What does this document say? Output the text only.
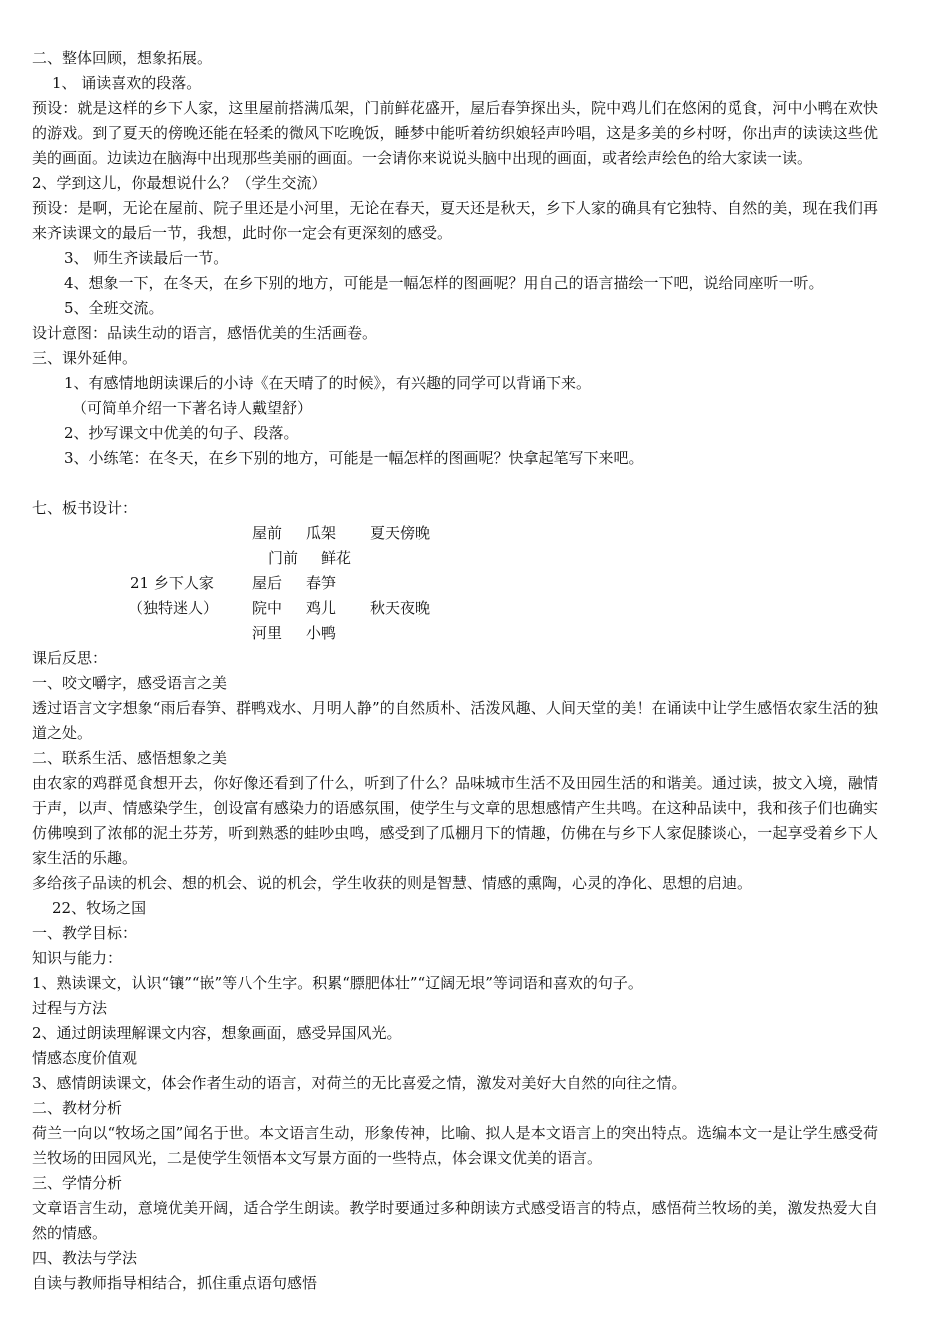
二、整体回顾，想象拓展。

1、 诵读喜欢的段落。

预设：就是这样的乡下人家，这里屋前搭满瓜架，门前鲜花盛开，屋后春笋探出头，院中鸡儿们在悠闲的觅食，河中小鸭在欢快的游戏。到了夏天的傍晚还能在轻柔的微风下吃晚饭，睡梦中能听着纺织娘轻声吟唱，这是多美的乡村呀，你出声的读读这些优美的画面。边读边在脑海中出现那些美丽的画面。一会请你来说说头脑中出现的画面，或者绘声绘色的给大家读一读。

2、学到这儿，你最想说什么？（学生交流）

预设：是啊，无论在屋前、院子里还是小河里，无论在春天，夏天还是秋天，乡下人家的确具有它独特、自然的美，现在我们再来齐读课文的最后一节，我想，此时你一定会有更深刻的感受。

3、 师生齐读最后一节。

4、想象一下，在冬天，在乡下别的地方，可能是一幅怎样的图画呢？用自己的语言描绘一下吧，说给同座听一听。

5、全班交流。

设计意图：品读生动的语言，感悟优美的生活画卷。

三、课外延伸。

1、有感情地朗读课后的小诗《在天晴了的时候》，有兴趣的同学可以背诵下来。

（可简单介绍一下著名诗人戴望舒）

2、抄写课文中优美的句子、段落。

3、小练笔：在冬天，在乡下别的地方，可能是一幅怎样的图画呢？快拿起笔写下来吧。

七、板书设计：

屋前 瓜架 夏天傍晚
门前 鲜花
21 乡下人家	屋后 春笋
（独特迷人） 院中 鸡儿 秋天夜晚
河里 小鸭

课后反思：

一、咬文嚼字，感受语言之美

透过语言文字想象“雨后春笋、群鸭戏水、月明人静”的自然质朴、活泼风趣、人间天堂的美！在诵读中让学生感悟农家生活的独道之处。

二、联系生活、感悟想象之美

由农家的鸡群觅食想开去，你好像还看到了什么，听到了什么？品味城市生活不及田园生活的和谐美。通过读，披文入境，融情于声，以声、情感染学生，创设富有感染力的语感氛围，使学生与文章的思想感情产生共鸣。在这种品读中，我和孩子们也确实仿佛嗅到了浓郁的泥土芬芳，听到熟悉的蛙吵虫鸣，感受到了瓜棚月下的情趣，仿佛在与乡下人家促膝谈心，一起享受着乡下人家生活的乐趣。

多给孩子品读的机会、想的机会、说的机会，学生收获的则是智慧、情感的熏陶，心灵的净化、思想的启迪。

22、牧场之国

一、教学目标：

知识与能力：

1、熟读课文，认识“镶”“嵌”等八个生字。积累“膘肥体壮”“辽阔无垠”等词语和喜欢的句子。

过程与方法

2、通过朗读理解课文内容，想象画面，感受异国风光。

情感态度价值观

3、感情朗读课文，体会作者生动的语言，对荷兰的无比喜爱之情，激发对美好大自然的向往之情。

二、教材分析

荷兰一向以“牧场之国”闻名于世。本文语言生动，形象传神，比喻、拟人是本文语言上的突出特点。选编本文一是让学生感受荷兰牧场的田园风光，二是使学生领悟本文写景方面的一些特点，体会课文优美的语言。

三、学情分析

文章语言生动，意境优美开阔，适合学生朗读。教学时要通过多种朗读方式感受语言的特点，感悟荷兰牧场的美，激发热爱大自然的情感。

四、教法与学法

自读与教师指导相结合，抓住重点语句感悟
